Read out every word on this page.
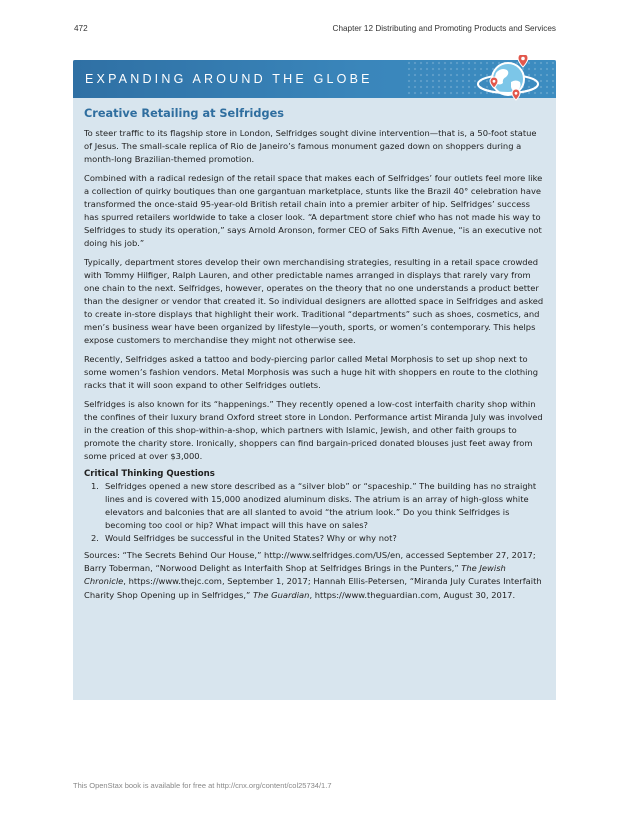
472	Chapter 12 Distributing and Promoting Products and Services
EXPANDING AROUND THE GLOBE
Creative Retailing at Selfridges

To steer traffic to its flagship store in London, Selfridges sought divine intervention—that is, a 50-foot statue of Jesus. The small-scale replica of Rio de Janeiro’s famous monument gazed down on shoppers during a month-long Brazilian-themed promotion.

Combined with a radical redesign of the retail space that makes each of Selfridges’ four outlets feel more like a collection of quirky boutiques than one gargantuan marketplace, stunts like the Brazil 40° celebration have transformed the once-staid 95-year-old British retail chain into a premier arbiter of hip. Selfridges’ success has spurred retailers worldwide to take a closer look. “A department store chief who has not made his way to Selfridges to study its operation,” says Arnold Aronson, former CEO of Saks Fifth Avenue, “is an executive not doing his job.”

Typically, department stores develop their own merchandising strategies, resulting in a retail space crowded with Tommy Hilfiger, Ralph Lauren, and other predictable names arranged in displays that rarely vary from one chain to the next. Selfridges, however, operates on the theory that no one understands a product better than the designer or vendor that created it. So individual designers are allotted space in Selfridges and asked to create in-store displays that highlight their work. Traditional “departments” such as shoes, cosmetics, and men’s business wear have been organized by lifestyle—youth, sports, or women’s contemporary. This helps expose customers to merchandise they might not otherwise see.

Recently, Selfridges asked a tattoo and body-piercing parlor called Metal Morphosis to set up shop next to some women’s fashion vendors. Metal Morphosis was such a huge hit with shoppers en route to the clothing racks that it will soon expand to other Selfridges outlets.

Selfridges is also known for its “happenings.” They recently opened a low-cost interfaith charity shop within the confines of their luxury brand Oxford street store in London. Performance artist Miranda July was involved in the creation of this shop-within-a-shop, which partners with Islamic, Jewish, and other faith groups to promote the charity store. Ironically, shoppers can find bargain-priced donated blouses just feet away from some priced at over $3,000.

Critical Thinking Questions
1. Selfridges opened a new store described as a “silver blob” or “spaceship.” The building has no straight lines and is covered with 15,000 anodized aluminum disks. The atrium is an array of high-gloss white elevators and balconies that are all slanted to avoid “the atrium look.” Do you think Selfridges is becoming too cool or hip? What impact will this have on sales?
2. Would Selfridges be successful in the United States? Why or why not?

Sources: “The Secrets Behind Our House,” http://www.selfridges.com/US/en, accessed September 27, 2017; Barry Toberman, “Norwood Delight as Interfaith Shop at Selfridges Brings in the Punters,” The Jewish Chronicle, https://www.thejc.com, September 1, 2017; Hannah Ellis-Petersen, “Miranda July Curates Interfaith Charity Shop Opening up in Selfridges,” The Guardian, https://www.theguardian.com, August 30, 2017.

This OpenStax book is available for free at http://cnx.org/content/col25734/1.7
